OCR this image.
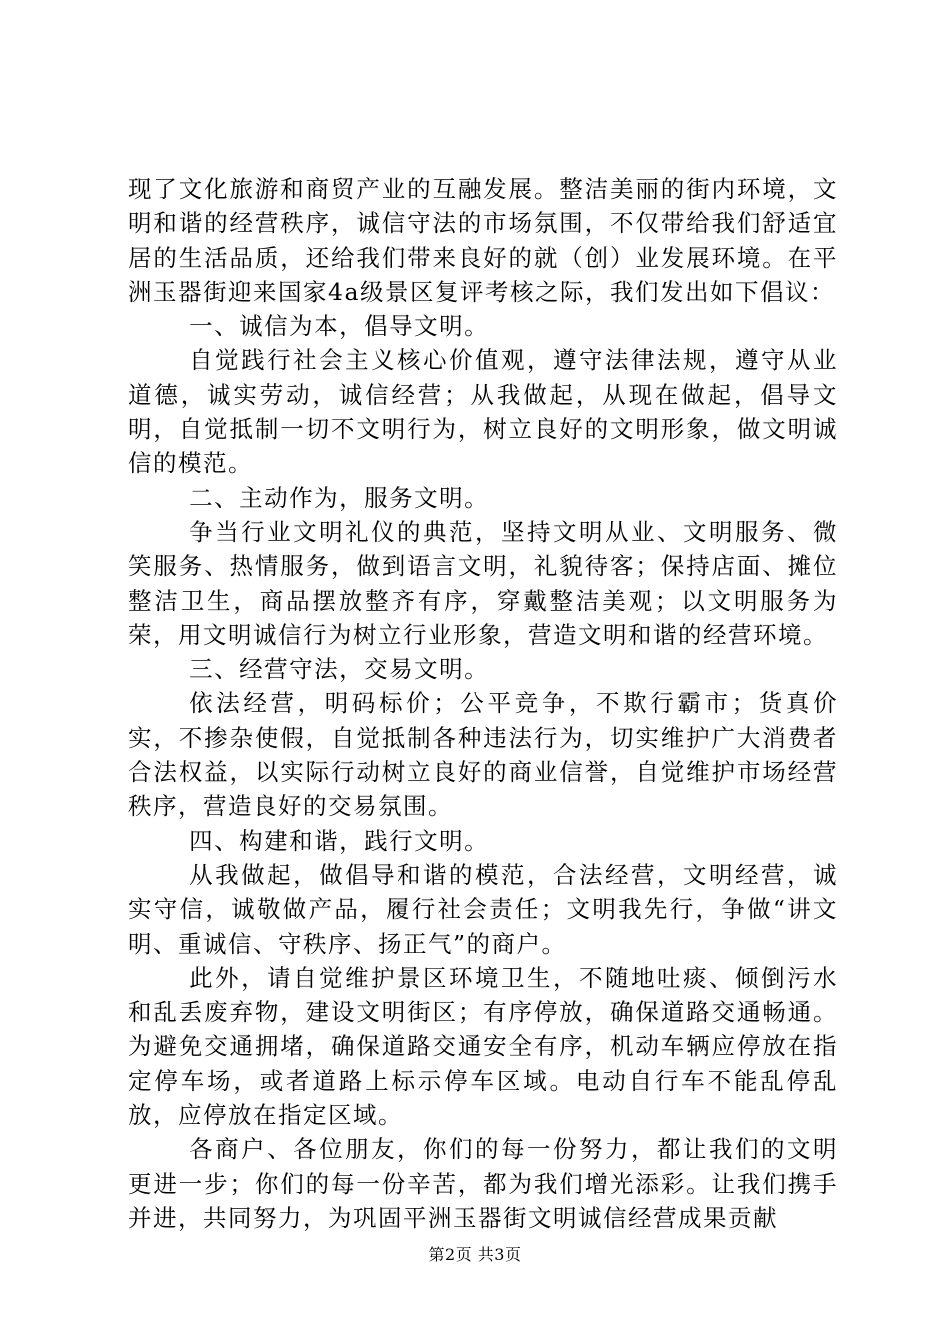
现了文化旅游和商贸产业的互融发展。整洁美丽的街内环境，文明和谐的经营秩序，诚信守法的市场氛围，不仅带给我们舒适宜居的生活品质，还给我们带来良好的就（创）业发展环境。在平洲玉器街迎来国家4a级景区复评考核之际，我们发出如下倡议：

一、诚信为本，倡导文明。

自觉践行社会主义核心价值观，遵守法律法规，遵守从业道德，诚实劳动，诚信经营；从我做起，从现在做起，倡导文明，自觉抵制一切不文明行为，树立良好的文明形象，做文明诚信的模范。

二、主动作为，服务文明。

争当行业文明礼仪的典范，坚持文明从业、文明服务、微笑服务、热情服务，做到语言文明，礼貌待客；保持店面、摊位整洁卫生，商品摆放整齐有序，穿戴整洁美观；以文明服务为荣，用文明诚信行为树立行业形象，营造文明和谐的经营环境。

三、经营守法，交易文明。

依法经营，明码标价；公平竞争，不欺行霸市；货真价实，不掺杂使假，自觉抵制各种违法行为，切实维护广大消费者合法权益，以实际行动树立良好的商业信誉，自觉维护市场经营秩序，营造良好的交易氛围。

四、构建和谐，践行文明。

从我做起，做倡导和谐的模范，合法经营，文明经营，诚实守信，诚敬做产品，履行社会责任；文明我先行，争做“讲文明、重诚信、守秩序、扬正气”的商户。

此外，请自觉维护景区环境卫生，不随地吐痰、倾倒污水和乱丢废弃物，建设文明街区；有序停放，确保道路交通畅通。为避免交通拥堵，确保道路交通安全有序，机动车辆应停放在指定停车场，或者道路上标示停车区域。电动自行车不能乱停乱放，应停放在指定区域。

各商户、各位朋友，你们的每一份努力，都让我们的文明更进一步；你们的每一份辛苦，都为我们增光添彩。让我们携手并进，共同努力，为巩固平洲玉器街文明诚信经营成果贡献

第2页 共3页
